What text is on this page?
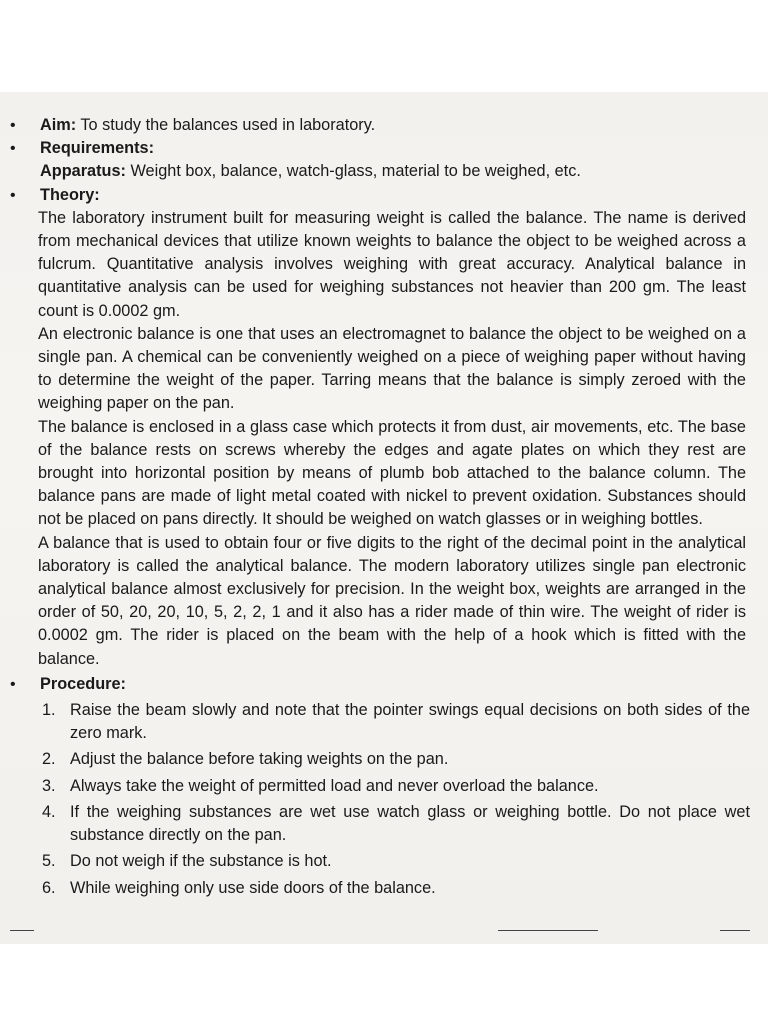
• Aim: To study the balances used in laboratory.
• Requirements:
Apparatus: Weight box, balance, watch-glass, material to be weighed, etc.
• Theory:
The laboratory instrument built for measuring weight is called the balance. The name is derived from mechanical devices that utilize known weights to balance the object to be weighed across a fulcrum. Quantitative analysis involves weighing with great accuracy. Analytical balance in quantitative analysis can be used for weighing substances not heavier than 200 gm. The least count is 0.0002 gm.
An electronic balance is one that uses an electromagnet to balance the object to be weighed on a single pan. A chemical can be conveniently weighed on a piece of weighing paper without having to determine the weight of the paper. Tarring means that the balance is simply zeroed with the weighing paper on the pan.
The balance is enclosed in a glass case which protects it from dust, air movements, etc. The base of the balance rests on screws whereby the edges and agate plates on which they rest are brought into horizontal position by means of plumb bob attached to the balance column. The balance pans are made of light metal coated with nickel to prevent oxidation. Substances should not be placed on pans directly. It should be weighed on watch glasses or in weighing bottles.
A balance that is used to obtain four or five digits to the right of the decimal point in the analytical laboratory is called the analytical balance. The modern laboratory utilizes single pan electronic analytical balance almost exclusively for precision. In the weight box, weights are arranged in the order of 50, 20, 20, 10, 5, 2, 2, 1 and it also has a rider made of thin wire. The weight of rider is 0.0002 gm. The rider is placed on the beam with the help of a hook which is fitted with the balance.
• Procedure:
1. Raise the beam slowly and note that the pointer swings equal decisions on both sides of the zero mark.
2. Adjust the balance before taking weights on the pan.
3. Always take the weight of permitted load and never overload the balance.
4. If the weighing substances are wet use watch glass or weighing bottle. Do not place wet substance directly on the pan.
5. Do not weigh if the substance is hot.
6. While weighing only use side doors of the balance.
